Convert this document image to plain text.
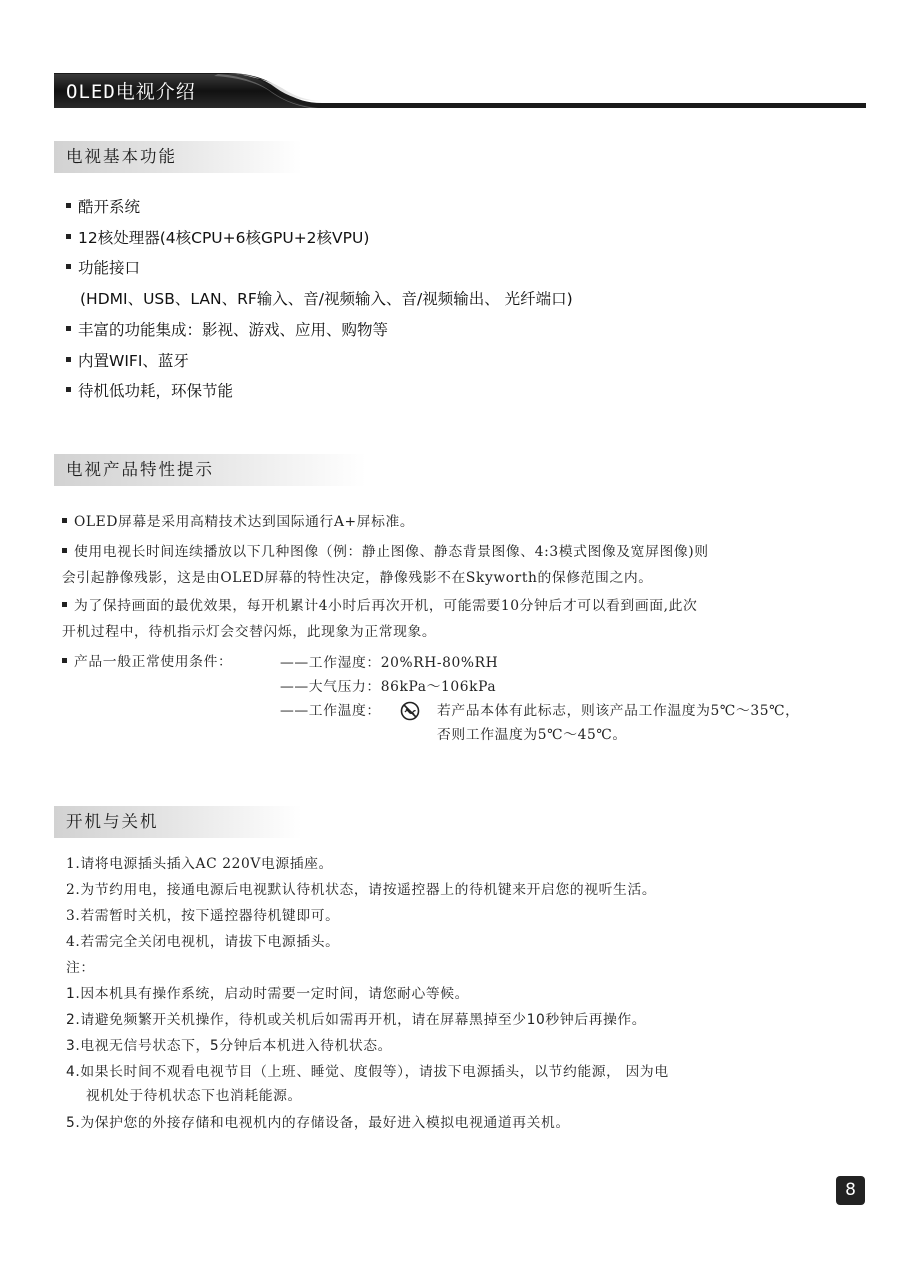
OLED电视介绍
电视基本功能
酷开系统
12核处理器(4核CPU+6核GPU+2核VPU)
功能接口
(HDMI、USB、LAN、RF输入、音/视频输入、音/视频输出、 光纤端口)
丰富的功能集成：影视、游戏、应用、购物等
内置WIFI、蓝牙
待机低功耗，环保节能
电视产品特性提示
OLED屏幕是采用高精技术达到国际通行A+屏标准。
使用电视长时间连续播放以下几种图像（例：静止图像、静态背景图像、4:3模式图像及宽屏图像)则
会引起静像残影，这是由OLED屏幕的特性决定，静像残影不在Skyworth的保修范围之内。
为了保持画面的最优效果，每开机累计4小时后再次开机，可能需要10分钟后才可以看到画面,此次
开机过程中，待机指示灯会交替闪烁，此现象为正常现象。
产品一般正常使用条件：	——工作湿度：20%RH-80%RH
——大气压力：86kPa～106kPa
——工作温度：	若产品本体有此标志，则该产品工作温度为5℃～35℃，
否则工作温度为5℃～45℃。
开机与关机
1.请将电源插头插入AC 220V电源插座。
2.为节约用电，接通电源后电视默认待机状态，请按遥控器上的待机键来开启您的视听生活。
3.若需暂时关机，按下遥控器待机键即可。
4.若需完全关闭电视机，请拔下电源插头。
注：
1.因本机具有操作系统，启动时需要一定时间，请您耐心等候。
2.请避免频繁开关机操作，待机或关机后如需再开机，请在屏幕黑掉至少10秒钟后再操作。
3.电视无信号状态下，5分钟后本机进入待机状态。
4.如果长时间不观看电视节目（上班、睡觉、度假等），请拔下电源插头，以节约能源， 因为电
视机处于待机状态下也消耗能源。
5.为保护您的外接存储和电视机内的存储设备，最好进入模拟电视通道再关机。
8
